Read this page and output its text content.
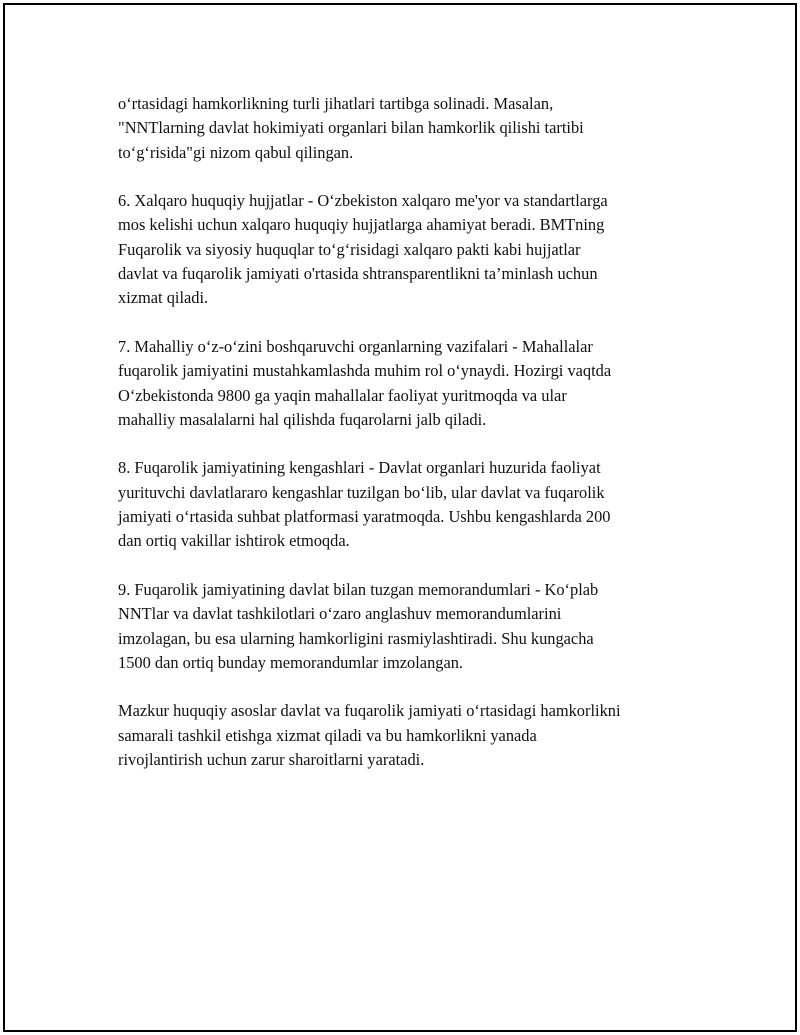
o‘rtasidagi hamkorlikning turli jihatlari tartibga solinadi. Masalan,
"NNTlarning davlat hokimiyati organlari bilan hamkorlik qilishi tartibi
to‘g‘risida"gi nizom qabul qilingan.

6. Xalqaro huquqiy hujjatlar - O‘zbekiston xalqaro me'yor va standartlarga
mos kelishi uchun xalqaro huquqiy hujjatlarga ahamiyat beradi. BMTning
Fuqarolik va siyosiy huquqlar to‘g‘risidagi xalqaro pakti kabi hujjatlar
davlat va fuqarolik jamiyati o'rtasida shtransparentlikni ta’minlash uchun
xizmat qiladi.

7. Mahalliy o‘z-o‘zini boshqaruvchi organlarning vazifalari - Mahallalar
fuqarolik jamiyatini mustahkamlashda muhim rol o‘ynaydi. Hozirgi vaqtda
O‘zbekistonda 9800 ga yaqin mahallalar faoliyat yuritmoqda va ular
mahalliy masalalarni hal qilishda fuqarolarni jalb qiladi.

8. Fuqarolik jamiyatining kengashlari - Davlat organlari huzurida faoliyat
yurituvchi davlatlararo kengashlar tuzilgan bo‘lib, ular davlat va fuqarolik
jamiyati o‘rtasida suhbat platformasi yaratmoqda. Ushbu kengashlarda 200
dan ortiq vakillar ishtirok etmoqda.

9. Fuqarolik jamiyatining davlat bilan tuzgan memorandumlari - Ko‘plab
NNTlar va davlat tashkilotlari o‘zaro anglashuv memorandumlarini
imzolagan, bu esa ularning hamkorligini rasmiylashtiradi. Shu kungacha
1500 dan ortiq bunday memorandumlar imzolangan.

Mazkur huquqiy asoslar davlat va fuqarolik jamiyati o‘rtasidagi hamkorlikni
samarali tashkil etishga xizmat qiladi va bu hamkorlikni yanada
rivojlantirish uchun zarur sharoitlarni yaratadi.
